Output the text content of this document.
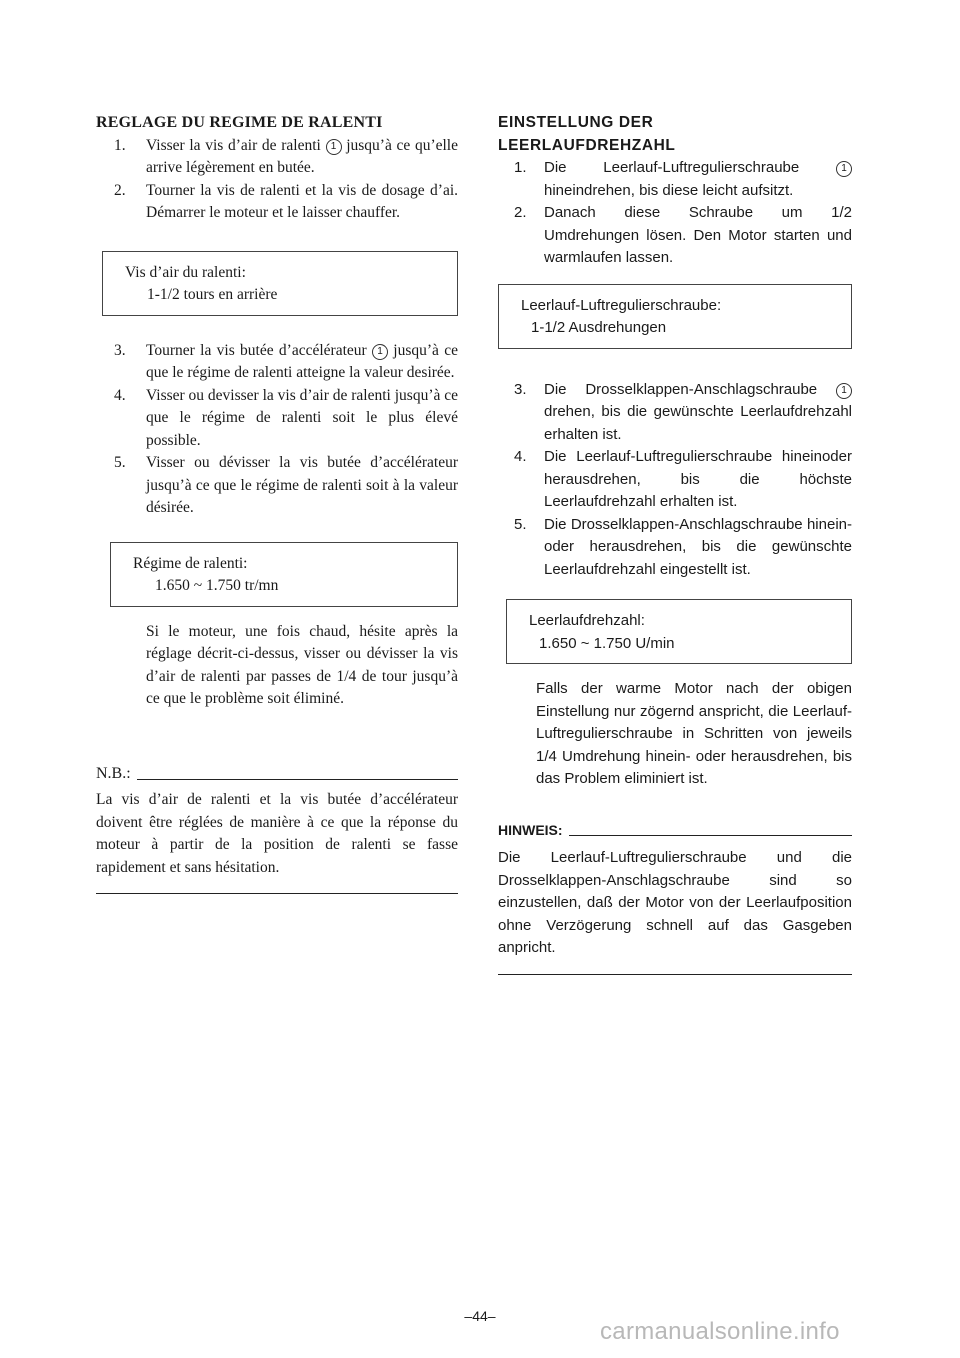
REGLAGE DU REGIME DE RALENTI
1. Visser la vis d’air de ralenti 1 jusqu’à ce qu’elle arrive légèrement en butée.
2. Tourner la vis de ralenti et la vis de dosage d’ai. Démarrer le moteur et le laisser chauffer.
Vis d’air du ralenti:
1-1/2 tours en arrière
3. Tourner la vis butée d’accélérateur 1 jusqu’à ce que le régime de ralenti atteigne la valeur desirée.
4. Visser ou devisser la vis d’air de ralenti jusqu’à ce que le régime de ralenti soit le plus élevé possible.
5. Visser ou dévisser la vis butée d’accélérateur jusqu’à ce que le régime de ralenti soit à la valeur désirée.
Régime de ralenti:
1.650 ~ 1.750 tr/mn
Si le moteur, une fois chaud, hésite après la réglage décrit-ci-dessus, visser ou dévisser la vis d’air de ralenti par passes de 1/4 de tour jusqu’à ce que le problème soit éliminé.
N.B.:
La vis d’air de ralenti et la vis butée d’accélérateur doivent être réglées de manière à ce que la réponse du moteur à partir de la position de ralenti se fasse rapidement et sans hésitation.
EINSTELLUNG DER
LEERLAUFDREHZAHL
1. Die Leerlauf-Luftregulierschraube 1 hineindrehen, bis diese leicht aufsitzt.
2. Danach diese Schraube um 1/2 Umdrehungen lösen. Den Motor starten und warmlaufen lassen.
Leerlauf-Luftregulierschraube:
1-1/2 Ausdrehungen
3. Die Drosselklappen-Anschlagschraube 1 drehen, bis die gewünschte Leerlaufdrehzahl erhalten ist.
4. Die Leerlauf-Luftregulierschraube hineinoder herausdrehen, bis die höchste Leerlaufdrehzahl erhalten ist.
5. Die Drosselklappen-Anschlagschraube hinein-oder herausdrehen, bis die gewünschte Leerlaufdrehzahl eingestellt ist.
Leerlaufdrehzahl:
1.650 ~ 1.750 U/min
Falls der warme Motor nach der obigen Einstellung nur zögernd anspricht, die Leerlauf-Luftregulierschraube in Schritten von jeweils 1/4 Umdrehung hinein- oder herausdrehen, bis das Problem eliminiert ist.
HINWEIS:
Die Leerlauf-Luftregulierschraube und die Drosselklappen-Anschlagschraube sind so einzustellen, daß der Motor von der Leerlaufposition ohne Verzögerung schnell auf das Gasgeben anpricht.
–44–
carmanualsonline.info
